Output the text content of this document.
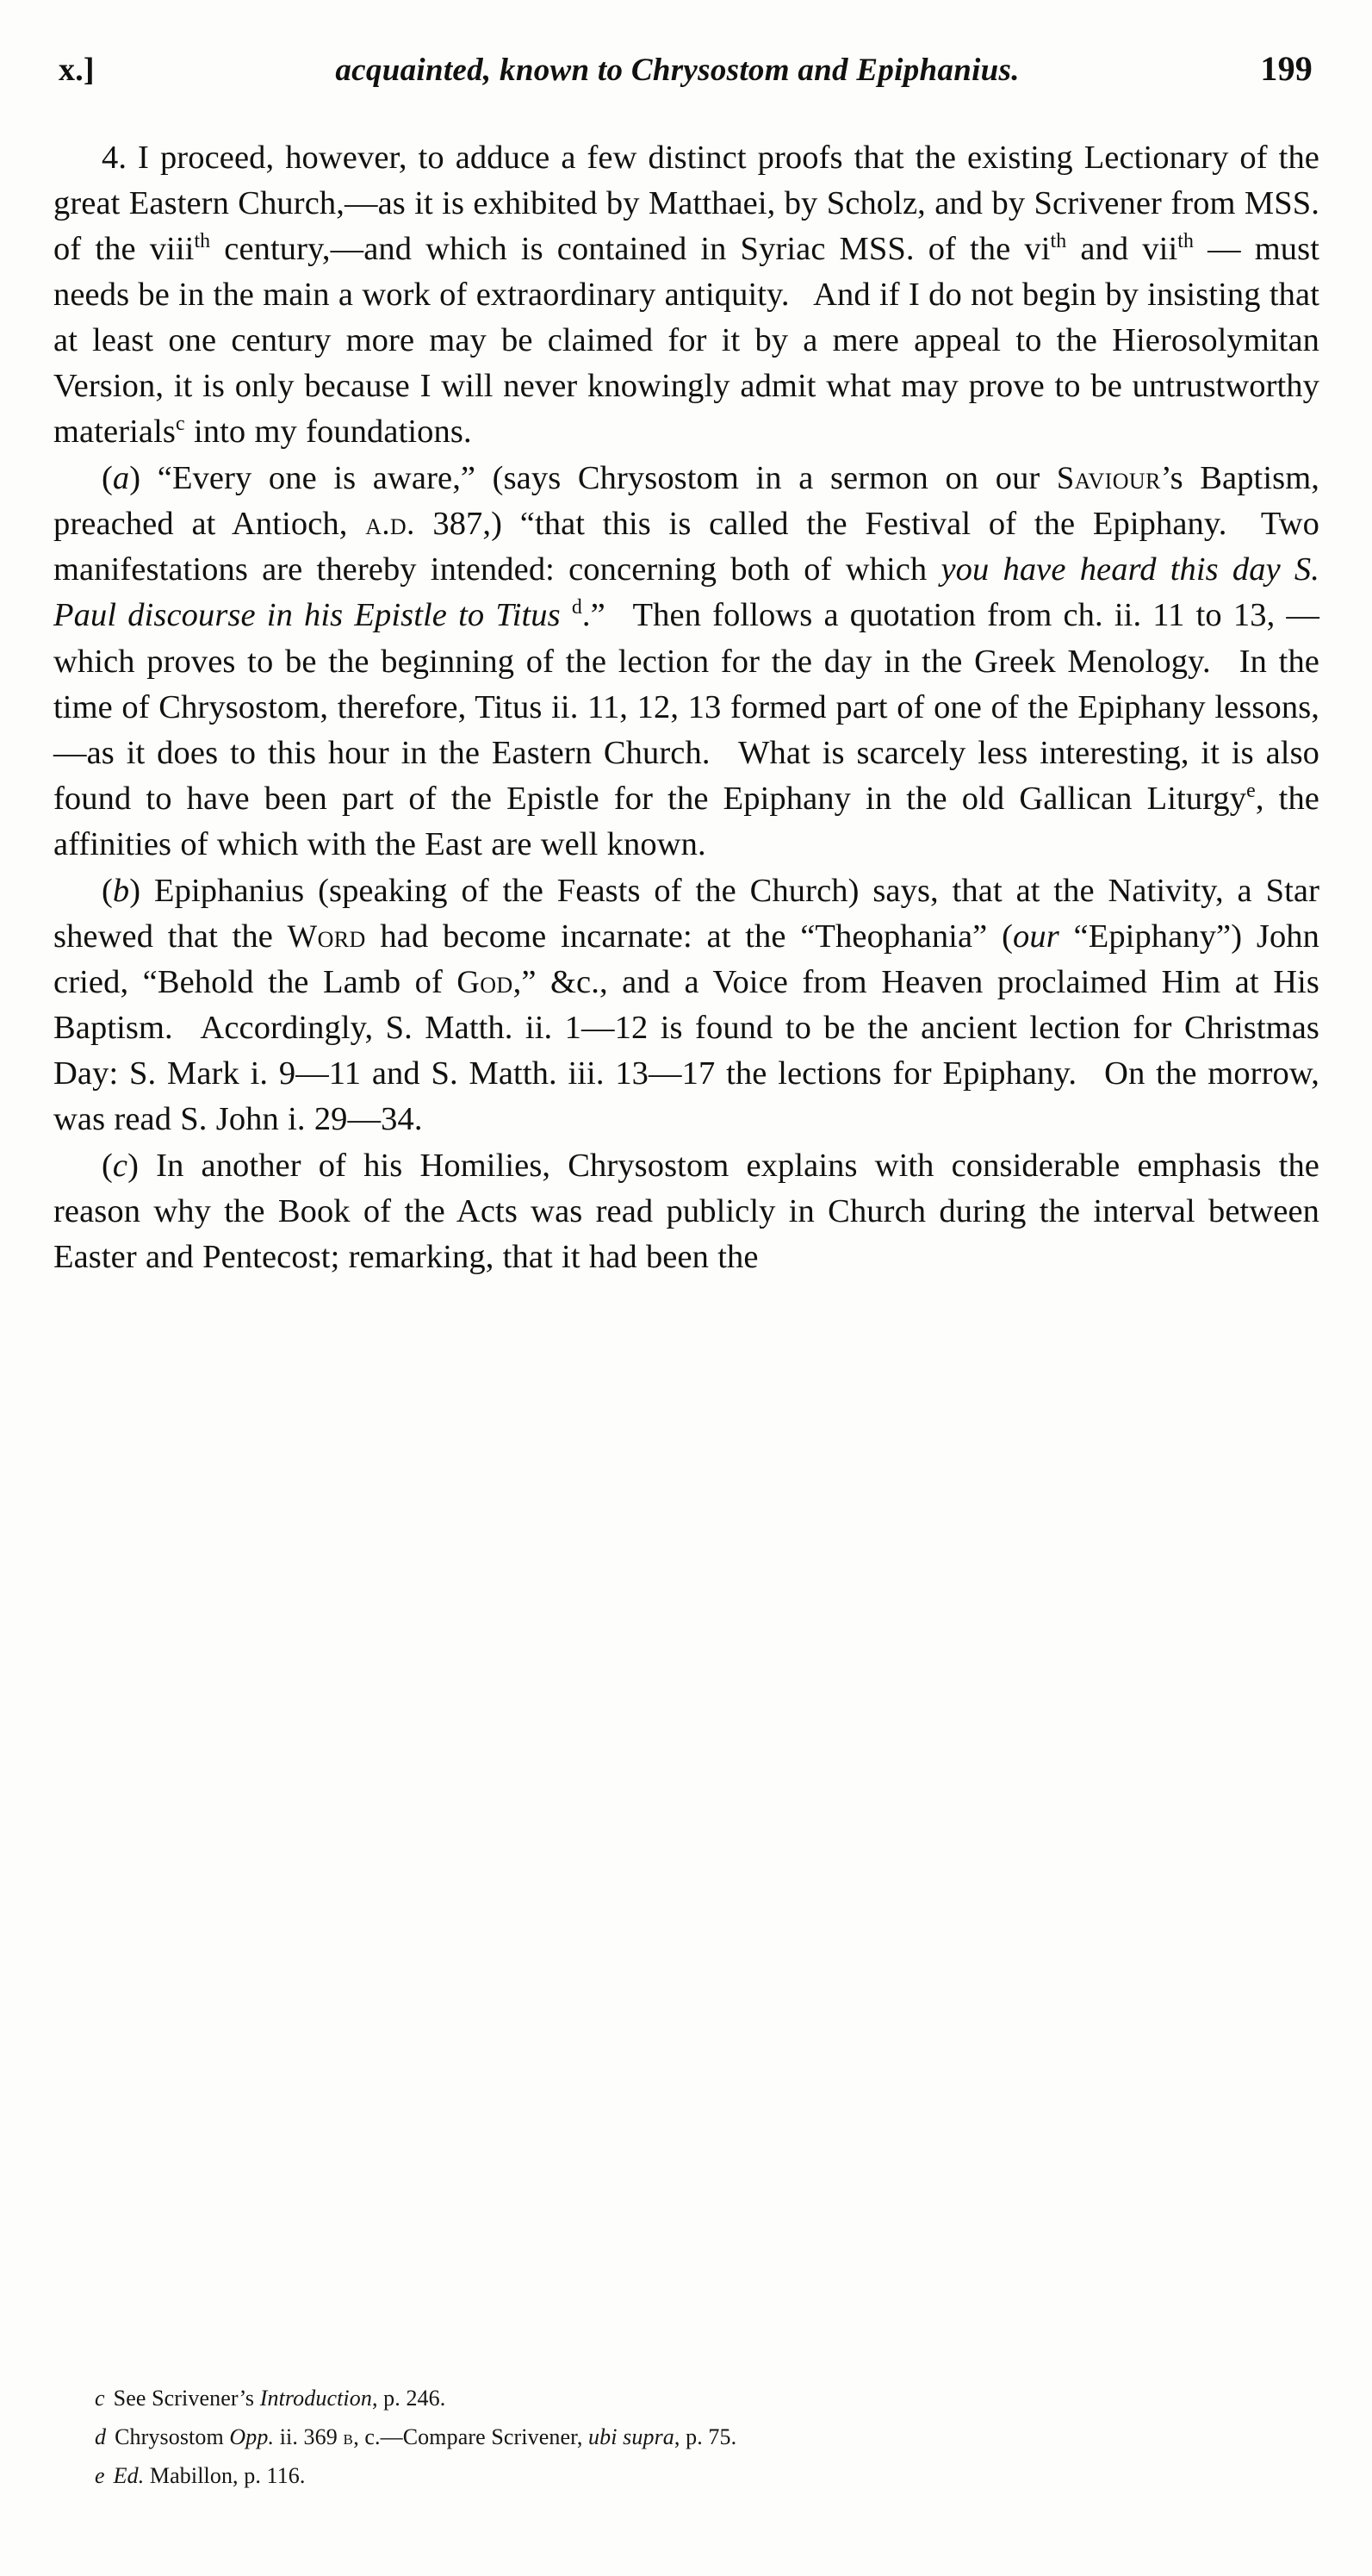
x.]	acquainted, known to Chrysostom and Epiphanius.	199

4. I proceed, however, to adduce a few distinct proofs that the existing Lectionary of the great Eastern Church,—as it is exhibited by Matthaei, by Scholz, and by Scrivener from MSS. of the viii$^{th}$ century,—and which is contained in Syriac MSS. of the $vi^{th}$ and vii$^{th}$ — must needs be in the main a work of extraordinary antiquity.  And if I do not begin by insisting that at least one century more may be claimed for it by a mere appeal to the Hierosolymitan Version, it is only because I will never knowingly admit what may prove to be untrustworthy materials$^c$ into my foundations.

(a) “Every one is aware,” (says Chrysostom in a sermon on our Saviour’s Baptism, preached at Antioch, a.d. 387,) “that this is called the Festival of the Epiphany.  Two manifestations are thereby intended: concerning both of which you have heard this day S. Paul discourse in his Epistle to Titus $^d$.”  Then follows a quotation from ch. ii. 11 to 13, —which proves to be the beginning of the lection for the day in the Greek Menology.  In the time of Chrysostom, therefore, Titus ii. 11, 12, 13 formed part of one of the Epiphany lessons,—as it does to this hour in the Eastern Church.  What is scarcely less interesting, it is also found to have been part of the Epistle for the Epiphany in the old Gallican Liturgy$^e$, the affinities of which with the East are well known.

(b) Epiphanius (speaking of the Feasts of the Church) says, that at the Nativity, a Star shewed that the Word had become incarnate: at the “Theophania” (our “Epiphany”) John cried, “Behold the Lamb of God,” &c., and a Voice from Heaven proclaimed Him at His Baptism.  Accordingly, S. Matth. ii. 1—12 is found to be the ancient lection for Christmas Day: S. Mark i. 9—11 and S. Matth. iii. 13—17 the lections for Epiphany.  On the morrow, was read S. John i. 29—34.

(c) In another of his Homilies, Chrysostom explains with considerable emphasis the reason why the Book of the Acts was read publicly in Church during the interval between Easter and Pentecost; remarking, that it had been the

c See Scrivener’s Introduction, p. 246.

d Chrysostom Opp. ii. 369 b, c.—Compare Scrivener, ubi supra, p. 75.

e Ed. Mabillon, p. 116.
